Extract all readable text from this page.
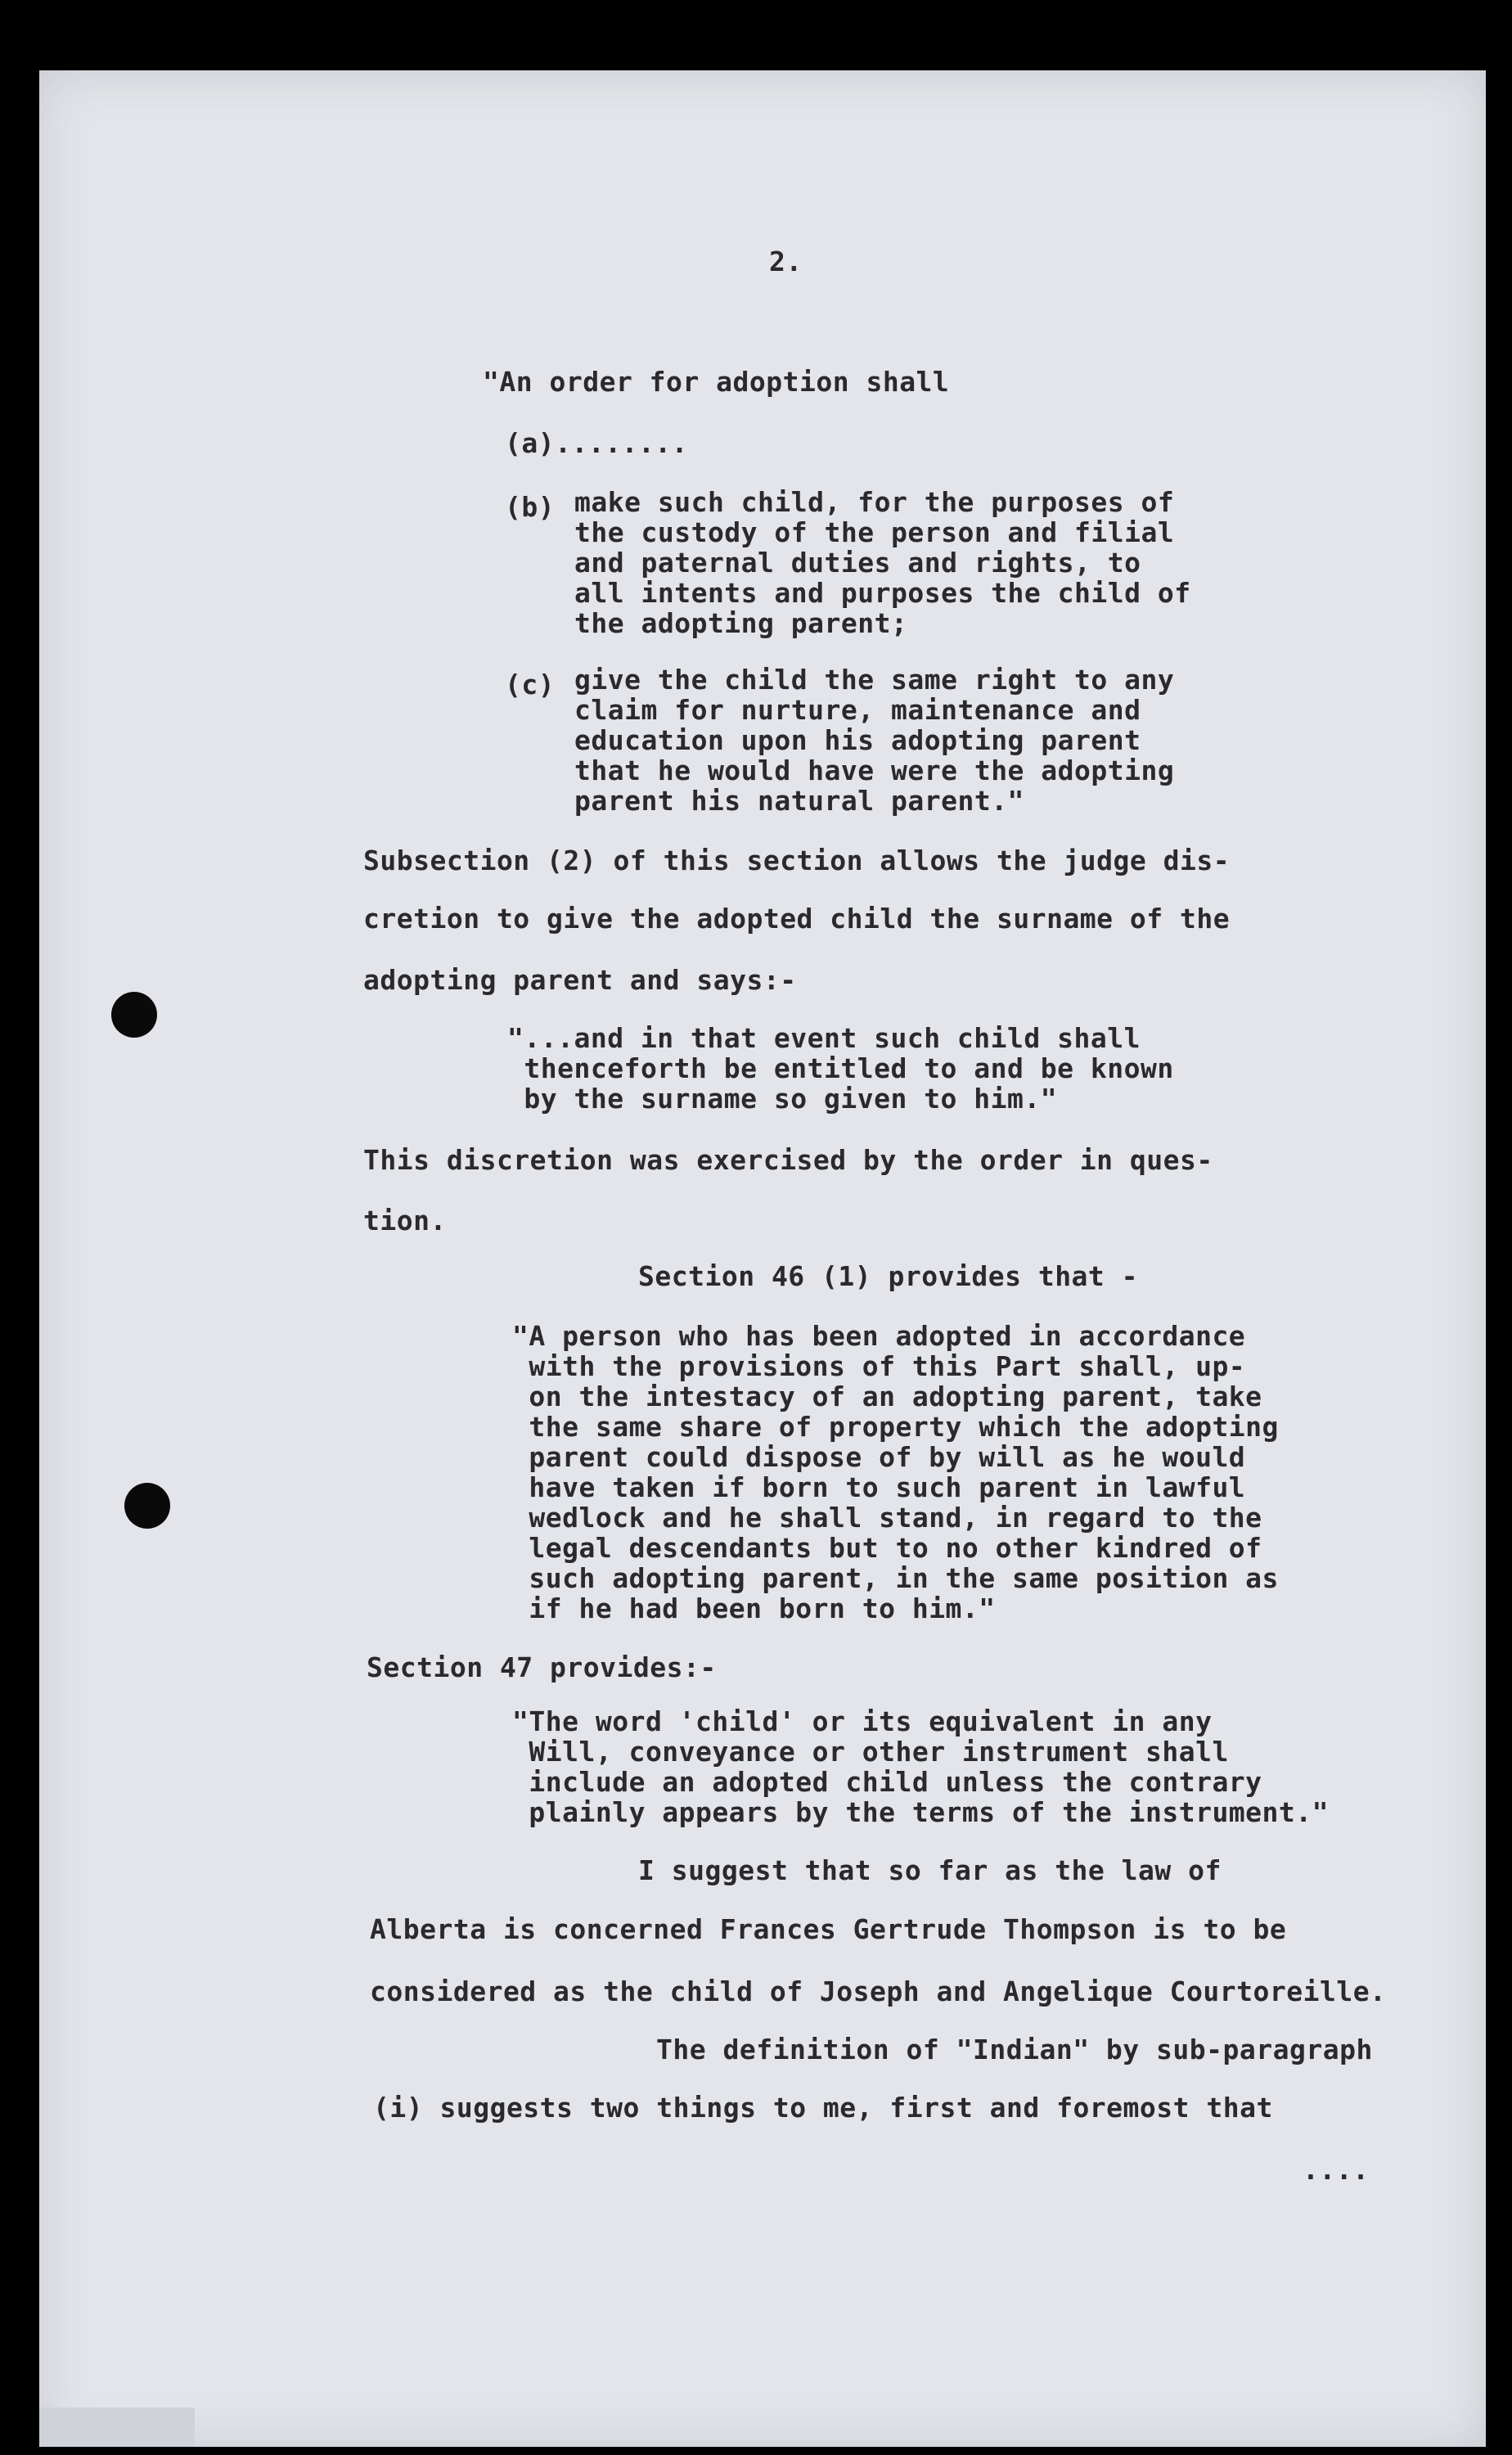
2.

"An order for adoption shall

(a)........

(b) make such child, for the purposes of
the custody of the person and filial
and paternal duties and rights, to
all intents and purposes the child of
the adopting parent;

(c) give the child the same right to any
claim for nurture, maintenance and
education upon his adopting parent
that he would have were the adopting
parent his natural parent."

Subsection (2) of this section allows the judge dis-

cretion to give the adopted child the surname of the

adopting parent and says:-

"...and in that event such child shall
thenceforth be entitled to and be known
by the surname so given to him."

This discretion was exercised by the order in ques-

tion.

Section 46 (1) provides that -

"A person who has been adopted in accordance
with the provisions of this Part shall, up-
on the intestacy of an adopting parent, take
the same share of property which the adopting
parent could dispose of by will as he would
have taken if born to such parent in lawful
wedlock and he shall stand, in regard to the
legal descendants but to no other kindred of
such adopting parent, in the same position as
if he had been born to him."

Section 47 provides:-

"The word 'child' or its equivalent in any
Will, conveyance or other instrument shall
include an adopted child unless the contrary
plainly appears by the terms of the instrument."

I suggest that so far as the law of

Alberta is concerned Frances Gertrude Thompson is to be

considered as the child of Joseph and Angelique Courtoreille.

The definition of "Indian" by sub-paragraph

(i) suggests two things to me, first and foremost that

....
